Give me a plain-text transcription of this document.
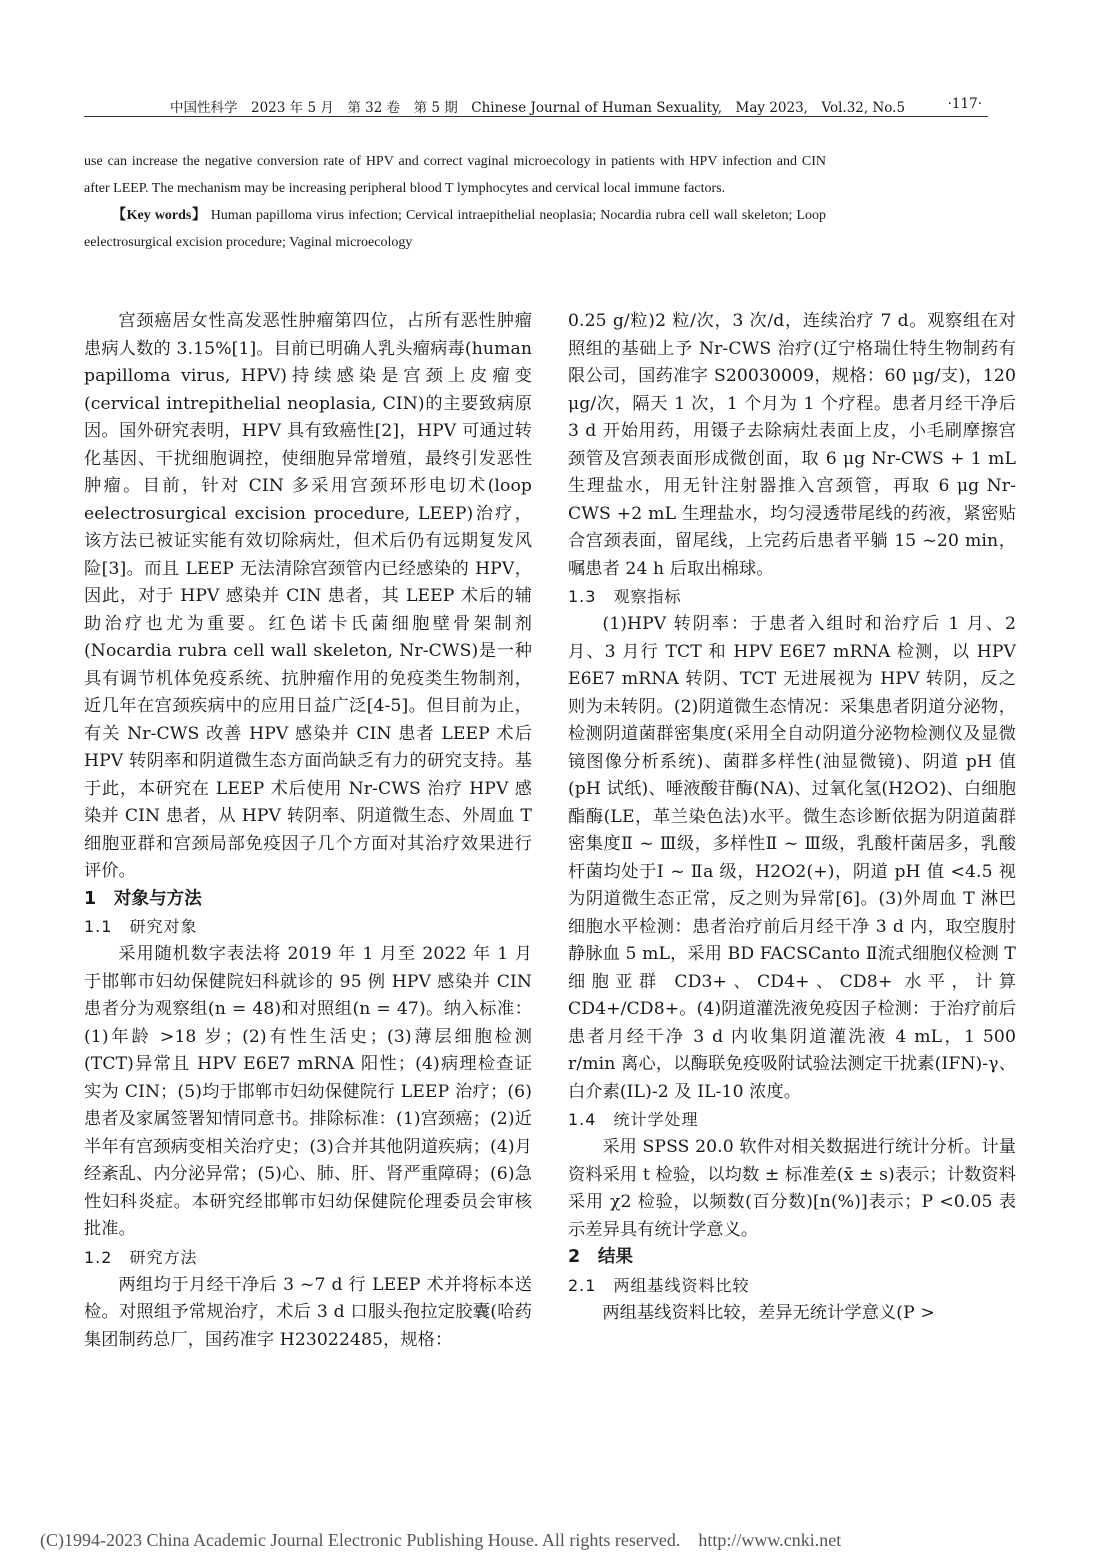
中国性科学　2023 年 5 月　第 32 卷　第 5 期　Chinese Journal of Human Sexuality,　May 2023,　Vol.32, No.5	·117·

use can increase the negative conversion rate of HPV and correct vaginal microecology in patients with HPV infection and CIN after LEEP. The mechanism may be increasing peripheral blood T lymphocytes and cervical local immune factors.

【Key words】 Human papilloma virus infection; Cervical intraepithelial neoplasia; Nocardia rubra cell wall skeleton; Loop eelectrosurgical excision procedure; Vaginal microecology

宫颈癌居女性高发恶性肿瘤第四位，占所有恶性肿瘤患病人数的 3.15%[1]。目前已明确人乳头瘤病毒(human papilloma virus, HPV)持续感染是宫颈上皮瘤变(cervical intrepithelial neoplasia, CIN)的主要致病原因。国外研究表明，HPV 具有致癌性[2]，HPV 可通过转化基因、干扰细胞调控，使细胞异常增殖，最终引发恶性肿瘤。目前，针对 CIN 多采用宫颈环形电切术(loop eelectrosurgical excision procedure, LEEP)治疗，该方法已被证实能有效切除病灶，但术后仍有远期复发风险[3]。而且 LEEP 无法清除宫颈管内已经感染的 HPV，因此，对于 HPV 感染并 CIN 患者，其 LEEP 术后的辅助治疗也尤为重要。红色诺卡氏菌细胞壁骨架制剂(Nocardia rubra cell wall skeleton, Nr-CWS)是一种具有调节机体免疫系统、抗肿瘤作用的免疫类生物制剂，近几年在宫颈疾病中的应用日益广泛[4-5]。但目前为止，有关 Nr-CWS 改善 HPV 感染并 CIN 患者 LEEP 术后 HPV 转阴率和阴道微生态方面尚缺乏有力的研究支持。基于此，本研究在 LEEP 术后使用 Nr-CWS 治疗 HPV 感染并 CIN 患者，从 HPV 转阴率、阴道微生态、外周血 T 细胞亚群和宫颈局部免疫因子几个方面对其治疗效果进行评价。

1　对象与方法
1.1　研究对象

采用随机数字表法将 2019 年 1 月至 2022 年 1 月于邯郸市妇幼保健院妇科就诊的 95 例 HPV 感染并 CIN 患者分为观察组(n = 48)和对照组(n = 47)。纳入标准：(1)年龄 >18 岁；(2)有性生活史；(3)薄层细胞检测(TCT)异常且 HPV E6E7 mRNA 阳性；(4)病理检查证实为 CIN；(5)均于邯郸市妇幼保健院行 LEEP 治疗；(6)患者及家属签署知情同意书。排除标准：(1)宫颈癌；(2)近半年有宫颈病变相关治疗史；(3)合并其他阴道疾病；(4)月经紊乱、内分泌异常；(5)心、肺、肝、肾严重障碍；(6)急性妇科炎症。本研究经邯郸市妇幼保健院伦理委员会审核批准。

1.2　研究方法

两组均于月经干净后 3 ~7 d 行 LEEP 术并将标本送检。对照组予常规治疗，术后 3 d 口服头孢拉定胶囊(哈药集团制药总厂，国药准字 H23022485，规格：

0.25 g/粒)2 粒/次，3 次/d，连续治疗 7 d。观察组在对照组的基础上予 Nr-CWS 治疗(辽宁格瑞仕特生物制药有限公司，国药准字 S20030009，规格：60 μg/支)，120 μg/次，隔天 1 次，1 个月为 1 个疗程。患者月经干净后 3 d 开始用药，用镊子去除病灶表面上皮，小毛刷摩擦宫颈管及宫颈表面形成微创面，取 6 μg Nr-CWS + 1 mL生理盐水，用无针注射器推入宫颈管，再取 6 μg Nr-CWS +2 mL 生理盐水，均匀浸透带尾线的药液，紧密贴合宫颈表面，留尾线，上完药后患者平躺 15 ~20 min，嘱患者 24 h 后取出棉球。

1.3　观察指标

(1)HPV 转阴率：于患者入组时和治疗后 1 月、2 月、3 月行 TCT 和 HPV E6E7 mRNA 检测，以 HPV E6E7 mRNA 转阴、TCT 无进展视为 HPV 转阴，反之则为未转阴。(2)阴道微生态情况：采集患者阴道分泌物，检测阴道菌群密集度(采用全自动阴道分泌物检测仪及显微镜图像分析系统)、菌群多样性(油显微镜)、阴道 pH 值(pH 试纸)、唾液酸苷酶(NA)、过氧化氢(H2O2)、白细胞酯酶(LE，革兰染色法)水平。微生态诊断依据为阴道菌群密集度Ⅱ ~ Ⅲ级，多样性Ⅱ ~ Ⅲ级，乳酸杆菌居多，乳酸杆菌均处于Ⅰ ~ Ⅱa 级，H2O2(+)，阴道 pH 值 <4.5 视为阴道微生态正常，反之则为异常[6]。(3)外周血 T 淋巴细胞水平检测：患者治疗前后月经干净 3 d 内，取空腹肘静脉血 5 mL，采用 BD FACSCanto Ⅱ流式细胞仪检测 T 细胞亚群 CD3+、CD4+、CD8+ 水平，计算 CD4+/CD8+。(4)阴道灌洗液免疫因子检测：于治疗前后患者月经干净 3 d 内收集阴道灌洗液 4 mL，1 500 r/min 离心，以酶联免疫吸附试验法测定干扰素(IFN)-γ、白介素(IL)-2 及 IL-10 浓度。

1.4　统计学处理

采用 SPSS 20.0 软件对相关数据进行统计分析。计量资料采用 t 检验，以均数 ± 标准差(x̄ ± s)表示；计数资料采用 χ2 检验，以频数(百分数)[n(%)]表示；P <0.05 表示差异具有统计学意义。

2　结果
2.1　两组基线资料比较

两组基线资料比较，差异无统计学意义(P >

(C)1994-2023 China Academic Journal Electronic Publishing House. All rights reserved.　http://www.cnki.net
